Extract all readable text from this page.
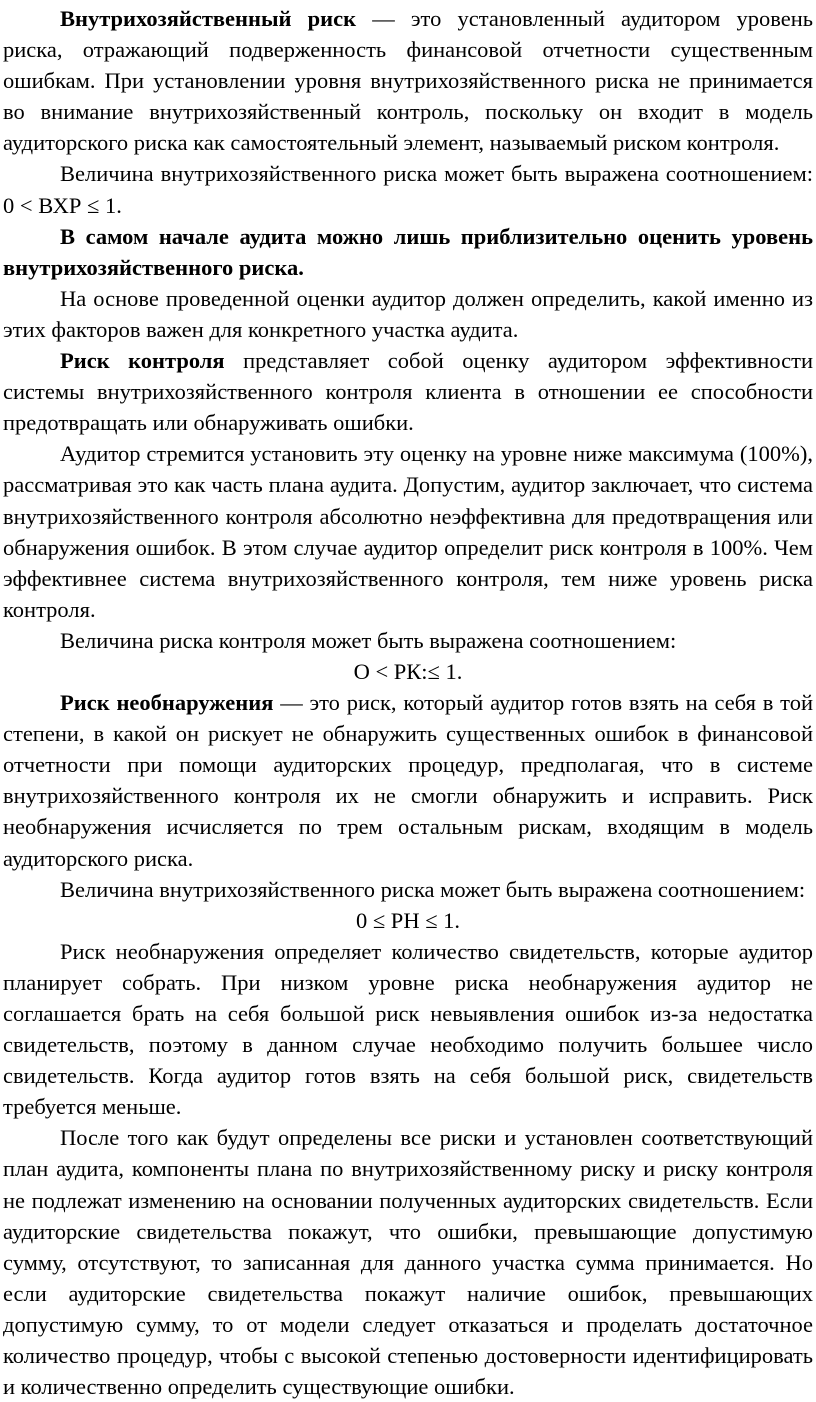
Внутрихозяйственный риск — это установленный аудитором уровень риска, отражающий подверженность финансовой отчетности существенным ошибкам. При установлении уровня внутрихозяйственного риска не принимается во внимание внутрихозяйственный контроль, поскольку он входит в модель аудиторского риска как самостоятельный элемент, называемый риском контроля.

Величина внутрихозяйственного риска может быть выражена соотношением: 0 < ВХР ≤ 1.

В самом начале аудита можно лишь приблизительно оценить уровень внутрихозяйственного риска.

На основе проведенной оценки аудитор должен определить, какой именно из этих факторов важен для конкретного участка аудита.

Риск контроля представляет собой оценку аудитором эффективности системы внутрихозяйственного контроля клиента в отношении ее способности предотвращать или обнаруживать ошибки.

Аудитор стремится установить эту оценку на уровне ниже максимума (100%), рассматривая это как часть плана аудита. Допустим, аудитор заключает, что система внутрихозяйственного контроля абсолютно неэффективна для предотвращения или обнаружения ошибок. В этом случае аудитор определит риск контроля в 100%. Чем эффективнее система внутрихозяйственного контроля, тем ниже уровень риска контроля.

Величина риска контроля может быть выражена соотношением:

О < РК:≤ 1.

Риск необнаружения — это риск, который аудитор готов взять на себя в той степени, в какой он рискует не обнаружить существенных ошибок в финансовой отчетности при помощи аудиторских процедур, предполагая, что в системе внутрихозяйственного контроля их не смогли обнаружить и исправить. Риск необнаружения исчисляется по трем остальным рискам, входящим в модель аудиторского риска.

Величина внутрихозяйственного риска может быть выражена соотношением:

0 ≤ РН ≤ 1.

Риск необнаружения определяет количество свидетельств, которые аудитор планирует собрать. При низком уровне риска необнаружения аудитор не соглашается брать на себя большой риск невыявления ошибок из-за недостатка свидетельств, поэтому в данном случае необходимо получить большее число свидетельств. Когда аудитор готов взять на себя большой риск, свидетельств требуется меньше.

После того как будут определены все риски и установлен соответствующий план аудита, компоненты плана по внутрихозяйственному риску и риску контроля не подлежат изменению на основании полученных аудиторских свидетельств. Если аудиторские свидетельства покажут, что ошибки, превышающие допустимую сумму, отсутствуют, то записанная для данного участка сумма принимается. Но если аудиторские свидетельства покажут наличие ошибок, превышающих допустимую сумму, то от модели следует отказаться и проделать достаточное количество процедур, чтобы с высокой степенью достоверности идентифицировать и количественно определить существующие ошибки.
